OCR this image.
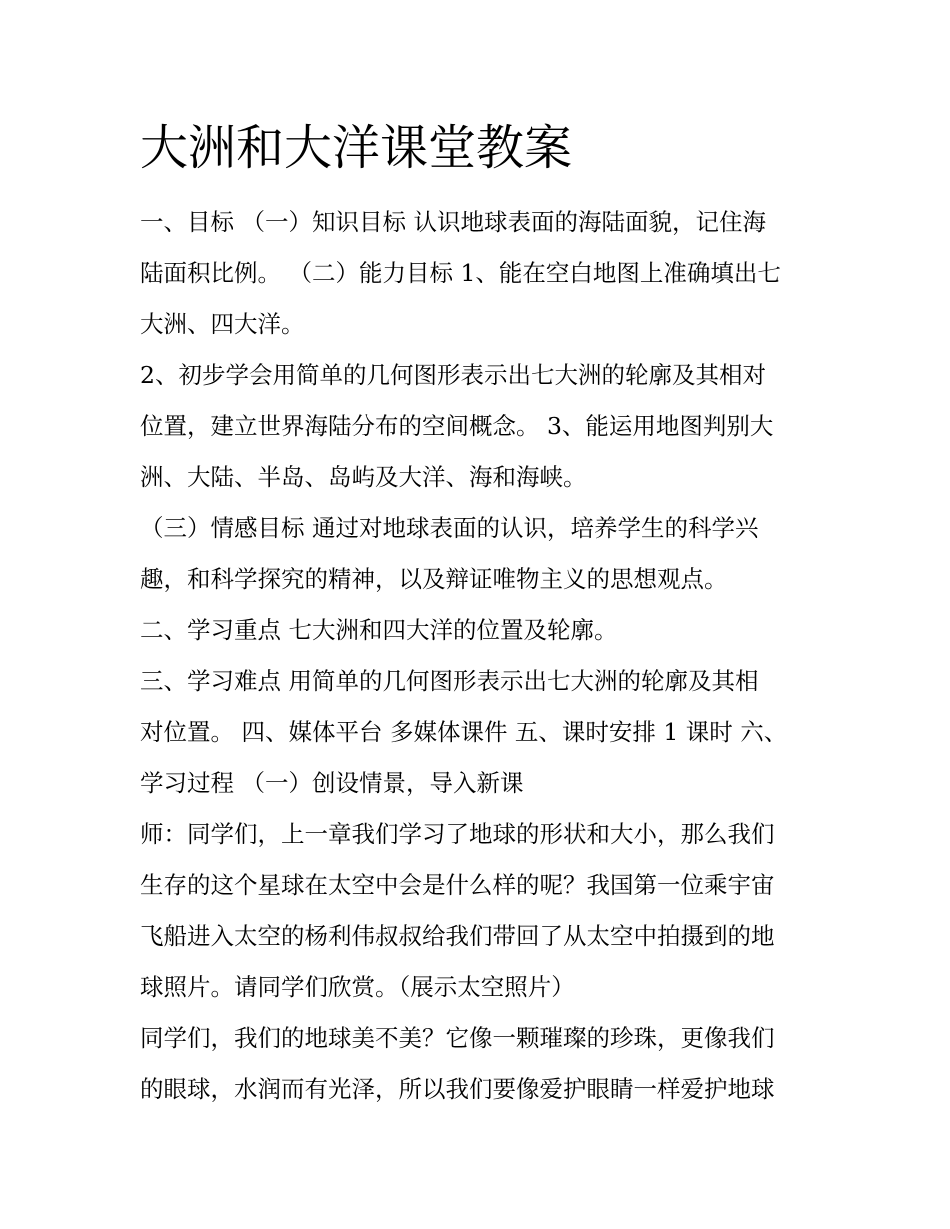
大洲和大洋课堂教案
一、目标 （一）知识目标 认识地球表面的海陆面貌，记住海
陆面积比例。 （二）能力目标 1、能在空白地图上准确填出七
大洲、四大洋。
2、初步学会用简单的几何图形表示出七大洲的轮廓及其相对
位置，建立世界海陆分布的空间概念。 3、能运用地图判别大
洲、大陆、半岛、岛屿及大洋、海和海峡。
（三）情感目标 通过对地球表面的认识，培养学生的科学兴
趣，和科学探究的精神，以及辩证唯物主义的思想观点。
二、学习重点 七大洲和四大洋的位置及轮廓。
三、学习难点 用简单的几何图形表示出七大洲的轮廓及其相
对位置。 四、媒体平台 多媒体课件 五、课时安排 1 课时 六、
学习过程 （一）创设情景，导入新课
师：同学们，上一章我们学习了地球的形状和大小，那么我们
生存的这个星球在太空中会是什么样的呢？我国第一位乘宇宙
飞船进入太空的杨利伟叔叔给我们带回了从太空中拍摄到的地
球照片。请同学们欣赏。（展示太空照片）
同学们，我们的地球美不美？它像一颗璀璨的珍珠，更像我们
的眼球，水润而有光泽，所以我们要像爱护眼睛一样爱护地球
